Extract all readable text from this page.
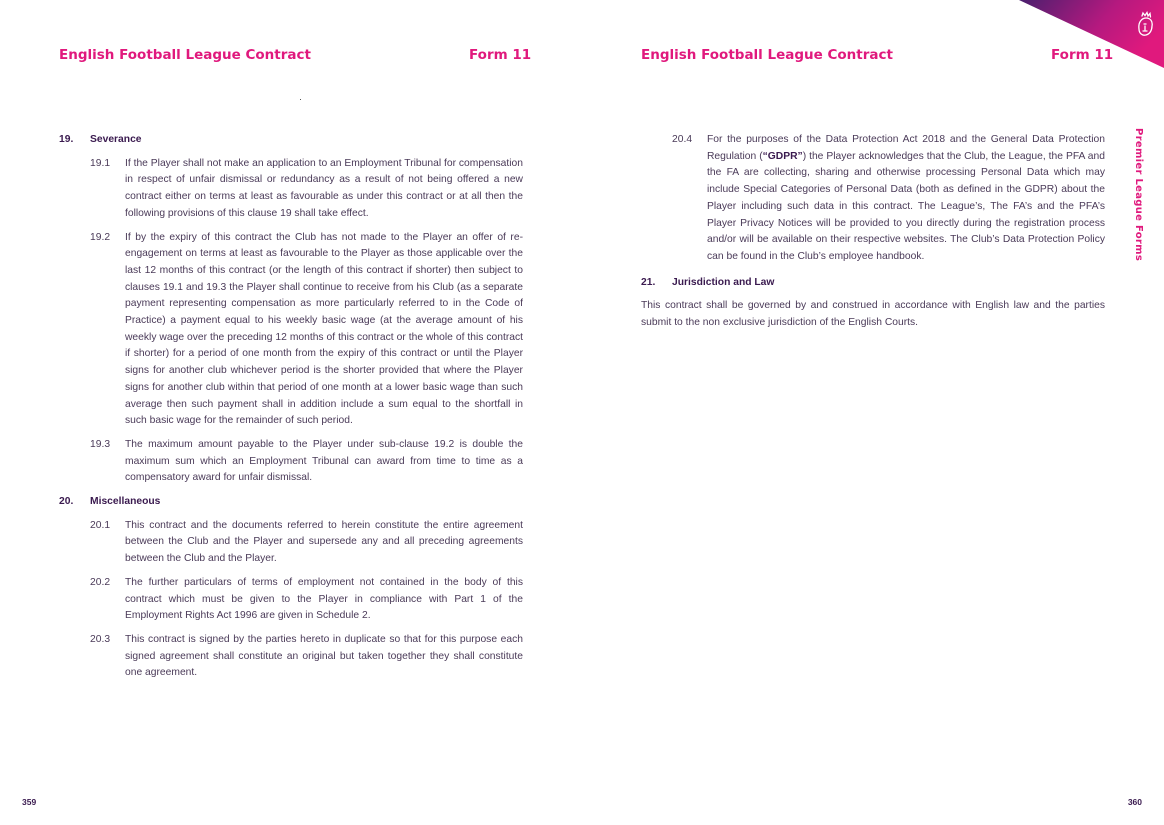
English Football League Contract	Form 11
19.	Severance
19.1	If the Player shall not make an application to an Employment Tribunal for compensation in respect of unfair dismissal or redundancy as a result of not being offered a new contract either on terms at least as favourable as under this contract or at all then the following provisions of this clause 19 shall take effect.
19.2	If by the expiry of this contract the Club has not made to the Player an offer of re-engagement on terms at least as favourable to the Player as those applicable over the last 12 months of this contract (or the length of this contract if shorter) then subject to clauses 19.1 and 19.3 the Player shall continue to receive from his Club (as a separate payment representing compensation as more particularly referred to in the Code of Practice) a payment equal to his weekly basic wage (at the average amount of his weekly wage over the preceding 12 months of this contract or the whole of this contract if shorter) for a period of one month from the expiry of this contract or until the Player signs for another club whichever period is the shorter provided that where the Player signs for another club within that period of one month at a lower basic wage than such average then such payment shall in addition include a sum equal to the shortfall in such basic wage for the remainder of such period.
19.3	The maximum amount payable to the Player under sub-clause 19.2 is double the maximum sum which an Employment Tribunal can award from time to time as a compensatory award for unfair dismissal.
20.	Miscellaneous
20.1	This contract and the documents referred to herein constitute the entire agreement between the Club and the Player and supersede any and all preceding agreements between the Club and the Player.
20.2	The further particulars of terms of employment not contained in the body of this contract which must be given to the Player in compliance with Part 1 of the Employment Rights Act 1996 are given in Schedule 2.
20.3	This contract is signed by the parties hereto in duplicate so that for this purpose each signed agreement shall constitute an original but taken together they shall constitute one agreement.
359
English Football League Contract	Form 11
20.4	For the purposes of the Data Protection Act 2018 and the General Data Protection Regulation (“GDPR”) the Player acknowledges that the Club, the League, the PFA and the FA are collecting, sharing and otherwise processing Personal Data which may include Special Categories of Personal Data (both as defined in the GDPR) about the Player including such data in this contract. The League’s, The FA’s and the PFA’s Player Privacy Notices will be provided to you directly during the registration process and/or will be available on their respective websites. The Club’s Data Protection Policy can be found in the Club’s employee handbook.
21.	Jurisdiction and Law
This contract shall be governed by and construed in accordance with English law and the parties submit to the non exclusive jurisdiction of the English Courts.
Premier League Forms
360
